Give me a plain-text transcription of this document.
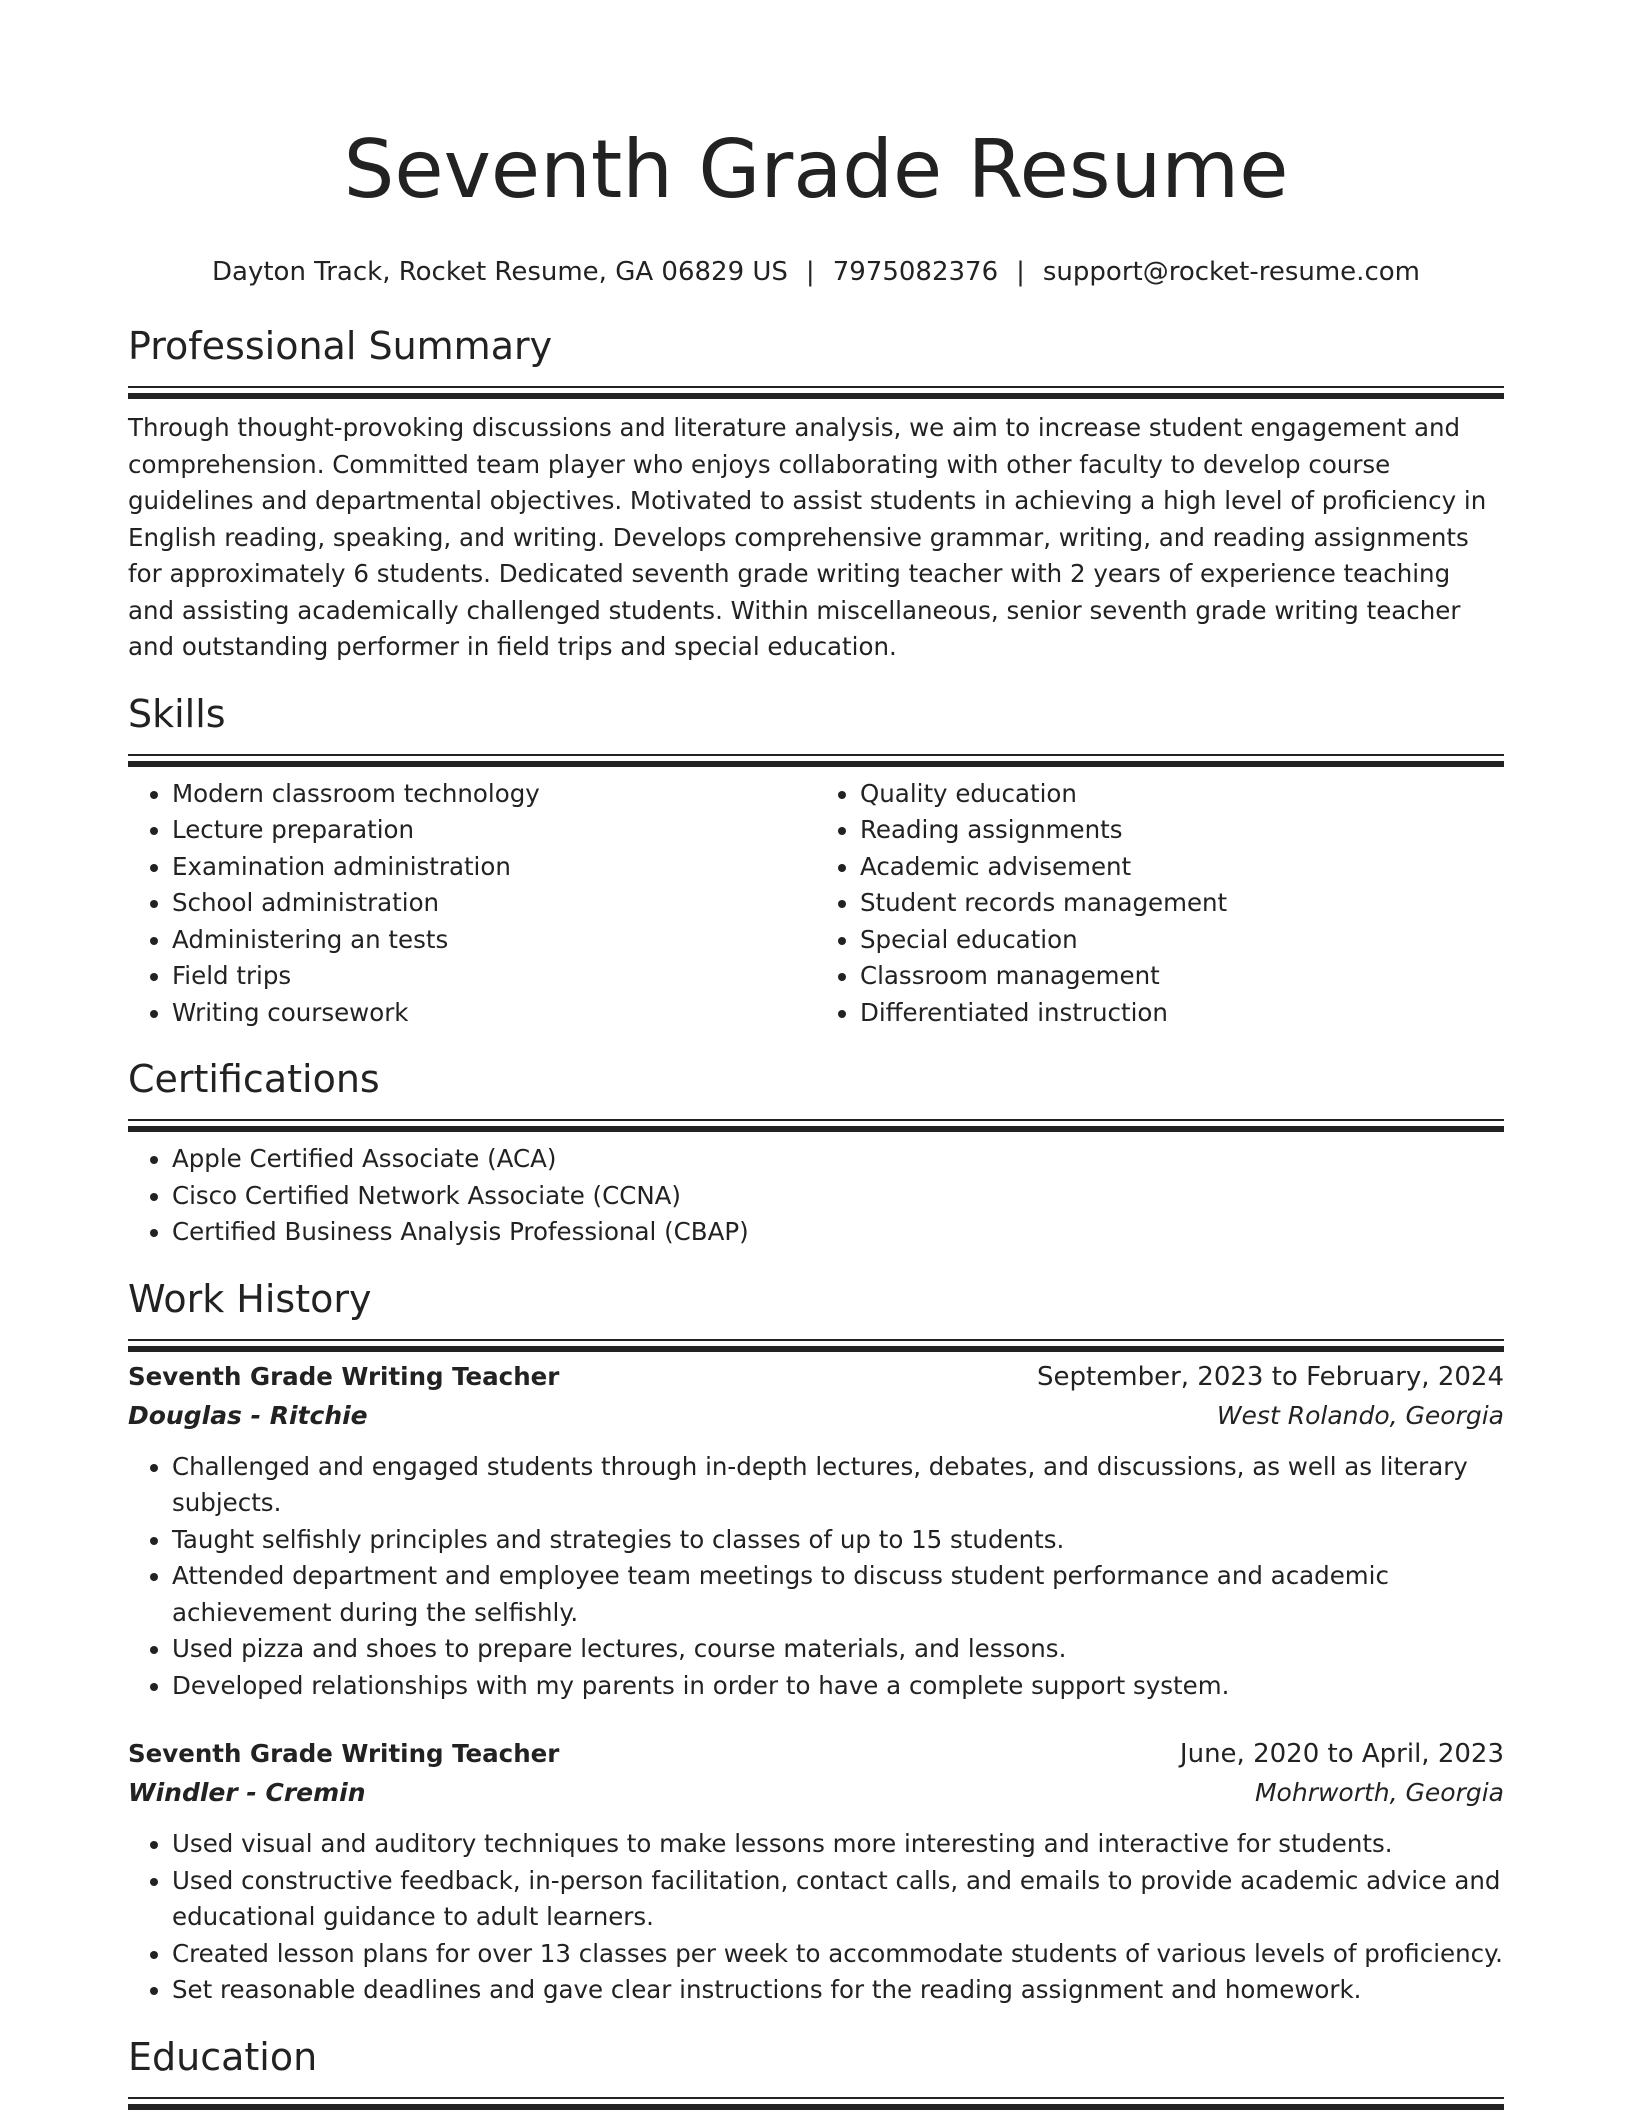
Seventh Grade Resume
Dayton Track, Rocket Resume, GA 06829 US | 7975082376 | support@rocket-resume.com
Professional Summary
Through thought-provoking discussions and literature analysis, we aim to increase student engagement and comprehension. Committed team player who enjoys collaborating with other faculty to develop course guidelines and departmental objectives. Motivated to assist students in achieving a high level of proficiency in English reading, speaking, and writing. Develops comprehensive grammar, writing, and reading assignments for approximately 6 students. Dedicated seventh grade writing teacher with 2 years of experience teaching and assisting academically challenged students. Within miscellaneous, senior seventh grade writing teacher and outstanding performer in field trips and special education.
Skills
• Modern classroom technology
• Lecture preparation
• Examination administration
• School administration
• Administering an tests
• Field trips
• Writing coursework
• Quality education
• Reading assignments
• Academic advisement
• Student records management
• Special education
• Classroom management
• Differentiated instruction
Certifications
• Apple Certified Associate (ACA)
• Cisco Certified Network Associate (CCNA)
• Certified Business Analysis Professional (CBAP)
Work History
Seventh Grade Writing Teacher	September, 2023 to February, 2024
Douglas - Ritchie	West Rolando, Georgia
• Challenged and engaged students through in-depth lectures, debates, and discussions, as well as literary subjects.
• Taught selfishly principles and strategies to classes of up to 15 students.
• Attended department and employee team meetings to discuss student performance and academic achievement during the selfishly.
• Used pizza and shoes to prepare lectures, course materials, and lessons.
• Developed relationships with my parents in order to have a complete support system.
Seventh Grade Writing Teacher	June, 2020 to April, 2023
Windler - Cremin	Mohrworth, Georgia
• Used visual and auditory techniques to make lessons more interesting and interactive for students.
• Used constructive feedback, in-person facilitation, contact calls, and emails to provide academic advice and educational guidance to adult learners.
• Created lesson plans for over 13 classes per week to accommodate students of various levels of proficiency.
• Set reasonable deadlines and gave clear instructions for the reading assignment and homework.
Education
